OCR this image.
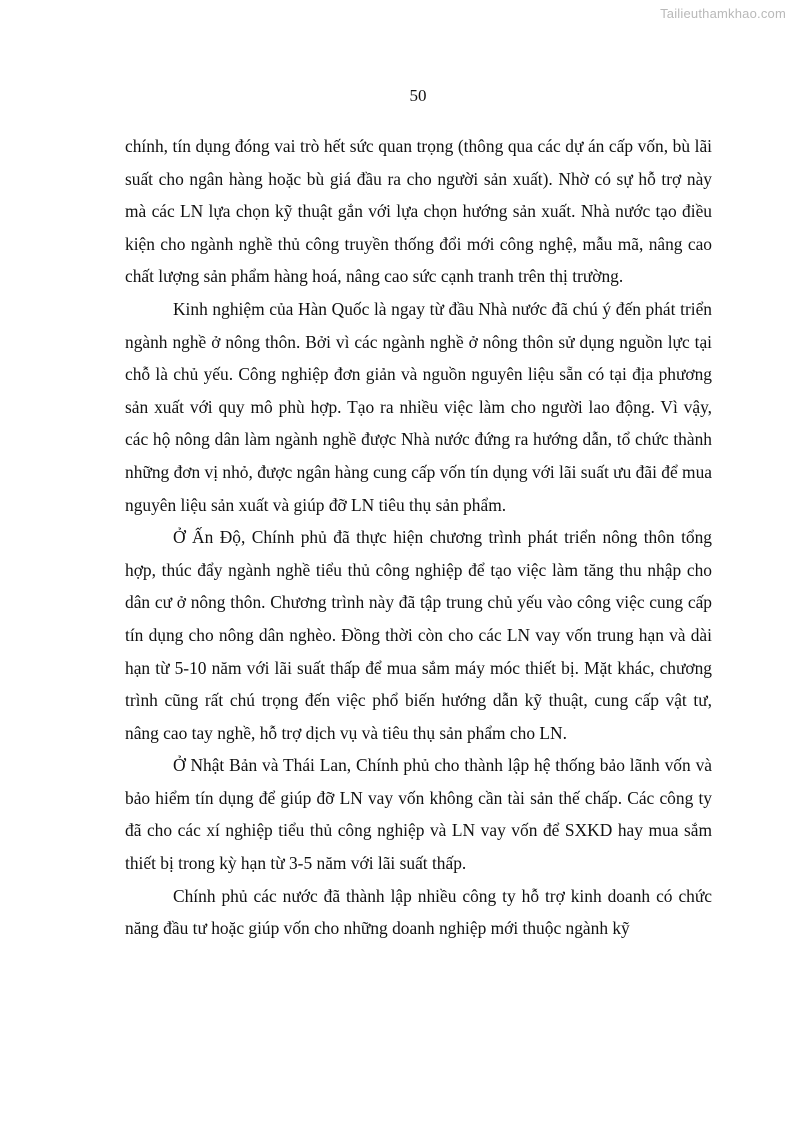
Tailieuthamkhao.com
50

chính, tín dụng đóng vai trò hết sức quan trọng (thông qua các dự án cấp vốn, bù lãi suất cho ngân hàng hoặc bù giá đầu ra cho người sản xuất). Nhờ có sự hỗ trợ này mà các LN lựa chọn kỹ thuật gắn với lựa chọn hướng sản xuất. Nhà nước tạo điều kiện cho ngành nghề thủ công truyền thống đổi mới công nghệ, mẫu mã, nâng cao chất lượng sản phẩm hàng hoá, nâng cao sức cạnh tranh trên thị trường.

Kinh nghiệm của Hàn Quốc là ngay từ đầu Nhà nước đã chú ý đến phát triển ngành nghề ở nông thôn. Bởi vì các ngành nghề ở nông thôn sử dụng nguồn lực tại chỗ là chủ yếu. Công nghiệp đơn giản và nguồn nguyên liệu sẵn có tại địa phương sản xuất với quy mô phù hợp. Tạo ra nhiều việc làm cho người lao động. Vì vậy, các hộ nông dân làm ngành nghề được Nhà nước đứng ra hướng dẫn, tổ chức thành những đơn vị nhỏ, được ngân hàng cung cấp vốn tín dụng với lãi suất ưu đãi để mua nguyên liệu sản xuất và giúp đỡ LN tiêu thụ sản phẩm.

Ở Ấn Độ, Chính phủ đã thực hiện chương trình phát triển nông thôn tổng hợp, thúc đẩy ngành nghề tiểu thủ công nghiệp để tạo việc làm tăng thu nhập cho dân cư ở nông thôn. Chương trình này đã tập trung chủ yếu vào công việc cung cấp tín dụng cho nông dân nghèo. Đồng thời còn cho các LN vay vốn trung hạn và dài hạn từ 5-10 năm với lãi suất thấp để mua sắm máy móc thiết bị. Mặt khác, chương trình cũng rất chú trọng đến việc phổ biến hướng dẫn kỹ thuật, cung cấp vật tư, nâng cao tay nghề, hỗ trợ dịch vụ và tiêu thụ sản phẩm cho LN.

Ở Nhật Bản và Thái Lan, Chính phủ cho thành lập hệ thống bảo lãnh vốn và bảo hiểm tín dụng để giúp đỡ LN vay vốn không cần tài sản thế chấp. Các công ty đã cho các xí nghiệp tiểu thủ công nghiệp và LN vay vốn để SXKD hay mua sắm thiết bị trong kỳ hạn từ 3-5 năm với lãi suất thấp.

Chính phủ các nước đã thành lập nhiều công ty hỗ trợ kinh doanh có chức năng đầu tư hoặc giúp vốn cho những doanh nghiệp mới thuộc ngành kỹ
